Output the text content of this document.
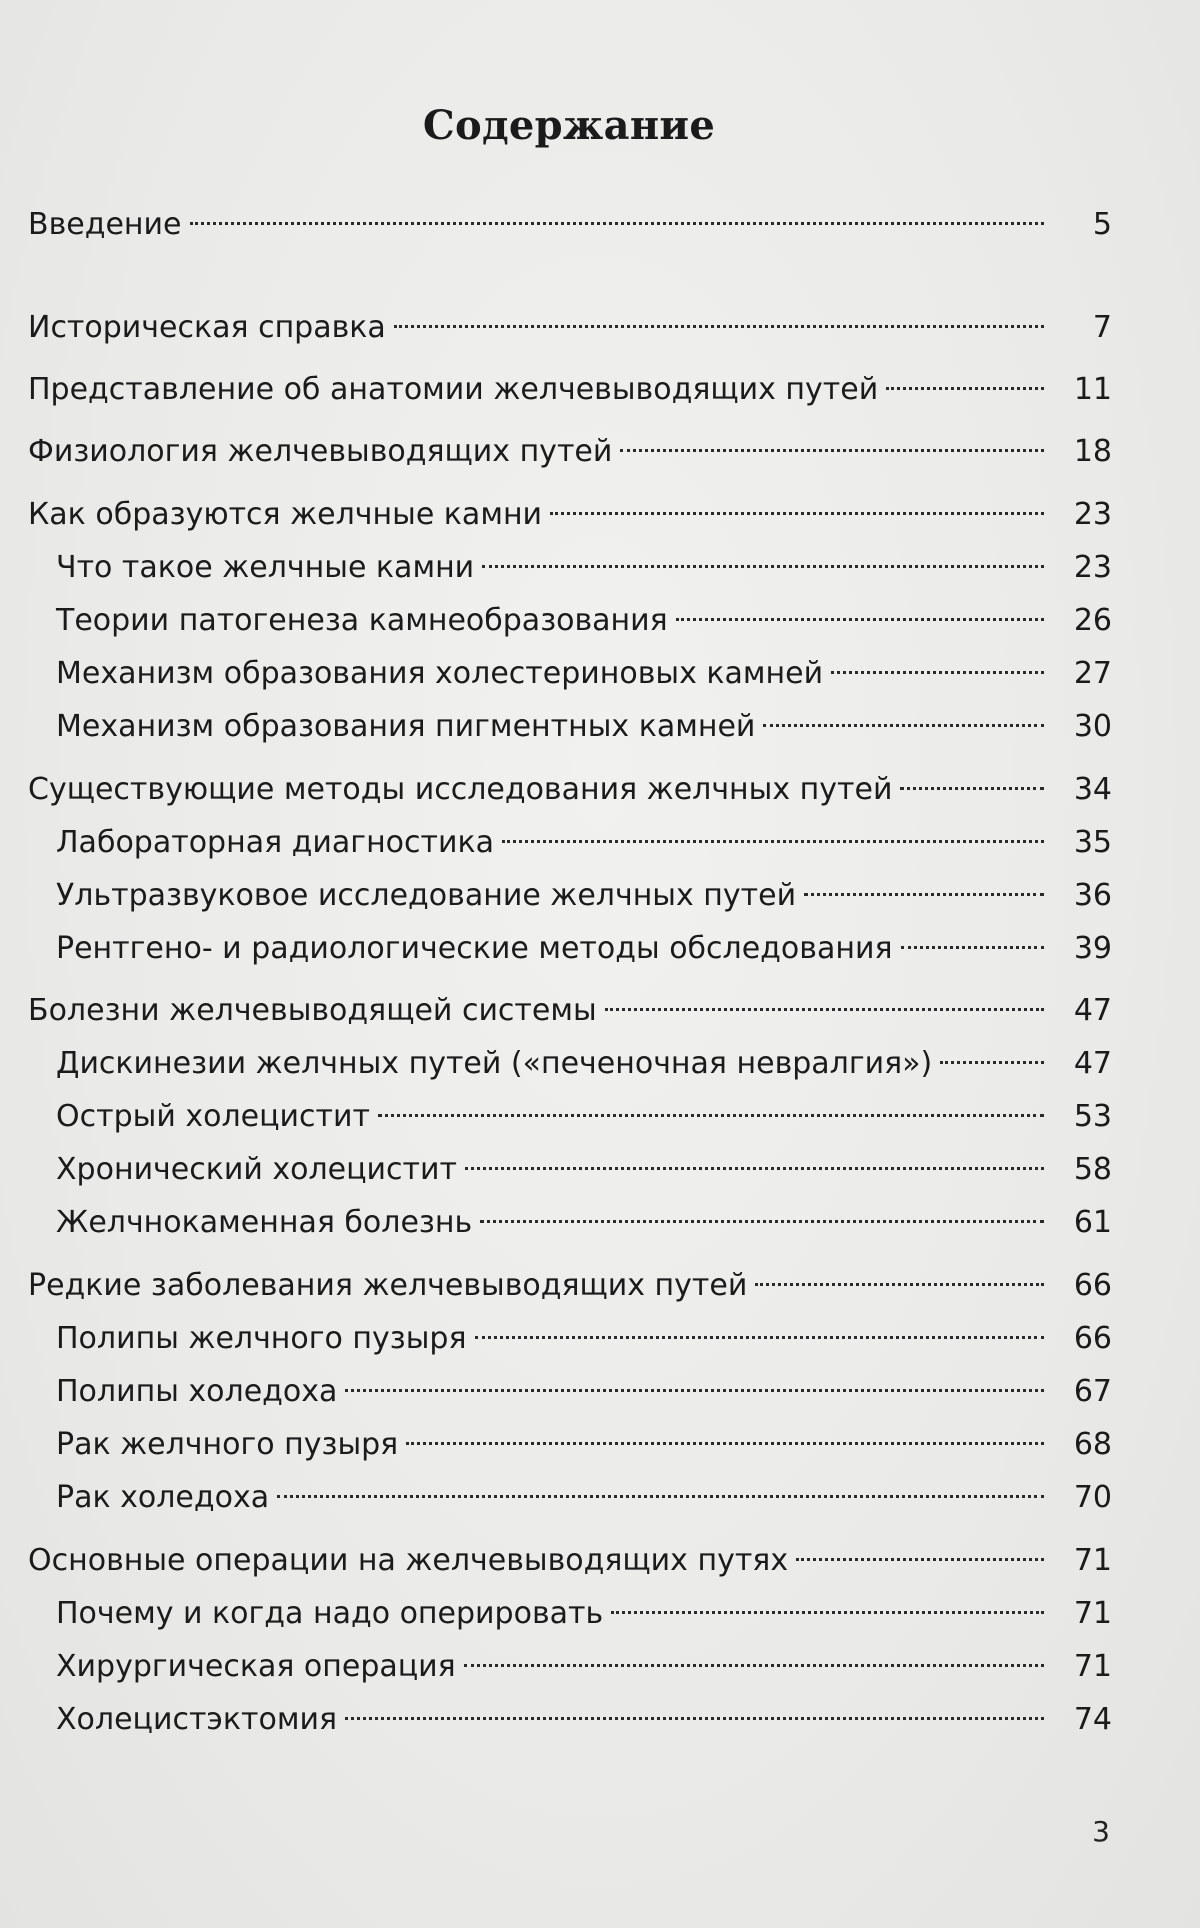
Содержание
Введение	5
Историческая справка	7
Представление об анатомии желчевыводящих путей	11
Физиология желчевыводящих путей	18
Как образуются желчные камни	23
Что такое желчные камни	23
Теории патогенеза камнеобразования	26
Механизм образования холестериновых камней	27
Механизм образования пигментных камней	30
Существующие методы исследования желчных путей	34
Лабораторная диагностика	35
Ультразвуковое исследование желчных путей	36
Рентгено- и радиологические методы обследования	39
Болезни желчевыводящей системы	47
Дискинезии желчных путей («печеночная невралгия»)	47
Острый холецистит	53
Хронический холецистит	58
Желчнокаменная болезнь	61
Редкие заболевания желчевыводящих путей	66
Полипы желчного пузыря	66
Полипы холедоха	67
Рак желчного пузыря	68
Рак холедоха	70
Основные операции на желчевыводящих путях	71
Почему и когда надо оперировать	71
Хирургическая операция	71
Холецистэктомия	74
3
